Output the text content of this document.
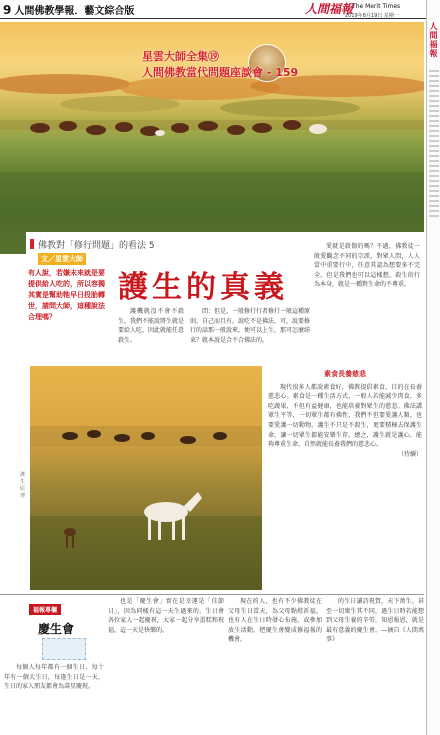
9 人間佛教學報．藝文綜合版	人間福報
The Merit Times
2019年8月19日 星期一
人
間
福
報
星雲大師全集⑲
人間佛教當代問題座談會 - 159
佛教對「修行問題」的看法 5
文／星雲大師
護生的真義
有人說，若嫌未來就是要提供給人吃的，所以容獨其實是幫助牠早日投胎轉世，請問大師，這種說法合理嗎？

護機就沒不會不殺生，我們不能說將生就是要給人吃，因此就能任意殺生。

問：但是，一般修行行者修行一般這種原則，自己而且有，說吃不是佛法，可，說要修行的話那一般說來，便可以上生，那可怎麼結束？就本說是合不合佛法的。

愛就是殺傷的嗎？不過，佛教徒一般愛觀念不同的宗派，對眾人問，人人當中重要行中，任意其認為想要多不完全。但是我們也可以這樣想，殺生的行為本身，就是一種對生命的不尊重。

護生原理

素食長養慈悲

現代很多人都說素食好，佛教提倡素食，目的在長養慈悲心。素食是一種生活方式，一般人若能減少肉食，多吃蔬果，不但有益健康，也能培養對眾生的慈悲。佛法講眾生平等，一切眾生都有佛性，我們不但要愛護人類，也要愛護一切動物。護生不只是不殺生，更要積極去保護生命，讓一切眾生都能安樂生存。總之，護生就是護心，能夠尊重生命，自然就能長養我們的慈悲心。

（待續）

福報專欄
慶生會

每個人每年都有一個生日，每十年有一個大生日，每逢生日是一天，生日的家人朋友都會為壽星慶祝。

也是「慶生會」實在是幸運是「佳節日」，因為同樣有這一天生過來的，生日會各位家人一起慶祝，大家一起分享蛋糕和祝福，這一天是快樂的。

現在的人，也有不少佛教徒在父母生日當天，為父母點燈祈福，也有人在生日時發心布施，或參加放生活動，把慶生會變成修福報的機會。

的生日讀詩祝賀，天下萬生，甚至一切衆生其不同，過生日時若能想到父母生養的辛勞，知恩報恩，就是最有意義的慶生會。—摘自《人間萬事》
